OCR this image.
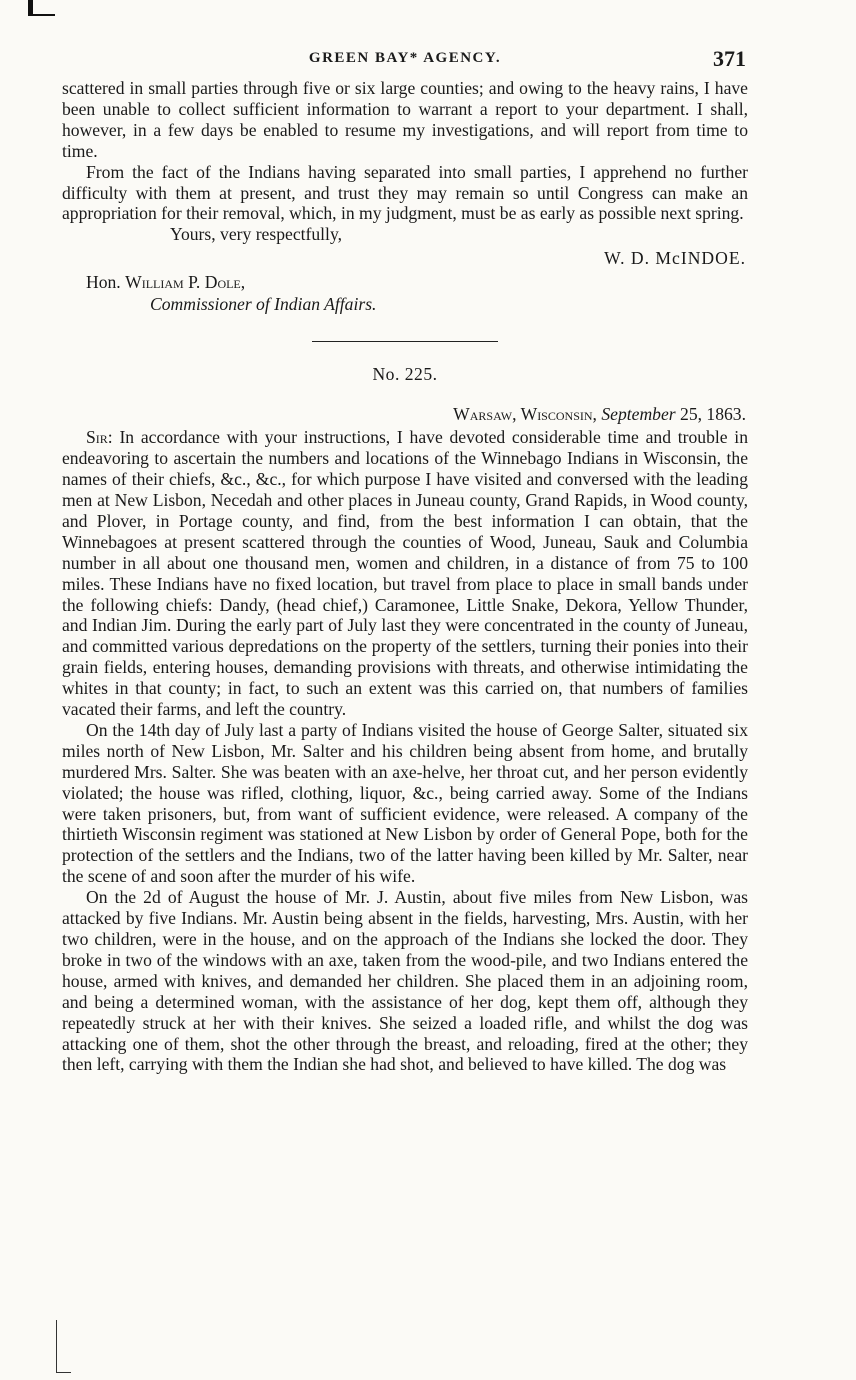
GREEN BAY* AGENCY.	371

scattered in small parties through five or six large counties; and owing to the heavy rains, I have been unable to collect sufficient information to warrant a report to your department. I shall, however, in a few days be enabled to resume my investigations, and will report from time to time.

From the fact of the Indians having separated into small parties, I apprehend no further difficulty with them at present, and trust they may remain so until Congress can make an appropriation for their removal, which, in my judgment, must be as early as possible next spring.

Yours, very respectfully,
W. D. McINDOE.
Hon. William P. Dole,
Commissioner of Indian Affairs.
No. 225.
Warsaw, Wisconsin, September 25, 1863.

Sir: In accordance with your instructions, I have devoted considerable time and trouble in endeavoring to ascertain the numbers and locations of the Winnebago Indians in Wisconsin, the names of their chiefs, &c., &c., for which purpose I have visited and conversed with the leading men at New Lisbon, Necedah and other places in Juneau county, Grand Rapids, in Wood county, and Plover, in Portage county, and find, from the best information I can obtain, that the Winnebagoes at present scattered through the counties of Wood, Juneau, Sauk and Columbia number in all about one thousand men, women and children, in a distance of from 75 to 100 miles. These Indians have no fixed location, but travel from place to place in small bands under the following chiefs: Dandy, (head chief,) Caramonee, Little Snake, Dekora, Yellow Thunder, and Indian Jim. During the early part of July last they were concentrated in the county of Juneau, and committed various depredations on the property of the settlers, turning their ponies into their grain fields, entering houses, demanding provisions with threats, and otherwise intimidating the whites in that county; in fact, to such an extent was this carried on, that numbers of families vacated their farms, and left the country.

On the 14th day of July last a party of Indians visited the house of George Salter, situated six miles north of New Lisbon, Mr. Salter and his children being absent from home, and brutally murdered Mrs. Salter. She was beaten with an axe-helve, her throat cut, and her person evidently violated; the house was rifled, clothing, liquor, &c., being carried away. Some of the Indians were taken prisoners, but, from want of sufficient evidence, were released. A company of the thirtieth Wisconsin regiment was stationed at New Lisbon by order of General Pope, both for the protection of the settlers and the Indians, two of the latter having been killed by Mr. Salter, near the scene of and soon after the murder of his wife.

On the 2d of August the house of Mr. J. Austin, about five miles from New Lisbon, was attacked by five Indians. Mr. Austin being absent in the fields, harvesting, Mrs. Austin, with her two children, were in the house, and on the approach of the Indians she locked the door. They broke in two of the windows with an axe, taken from the wood-pile, and two Indians entered the house, armed with knives, and demanded her children. She placed them in an adjoining room, and being a determined woman, with the assistance of her dog, kept them off, although they repeatedly struck at her with their knives. She seized a loaded rifle, and whilst the dog was attacking one of them, shot the other through the breast, and reloading, fired at the other; they then left, carrying with them the Indian she had shot, and believed to have killed. The dog was
